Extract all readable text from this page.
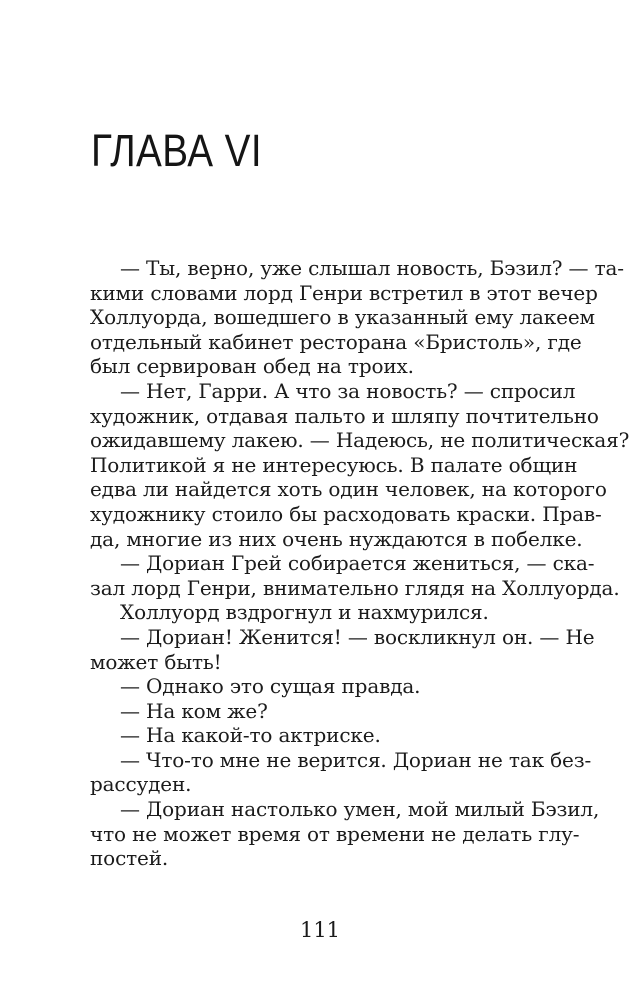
ГЛАВА VI
— Ты, верно, уже слышал новость, Бэзил? — та-
кими словами лорд Генри встретил в этот вечер
Холлуорда, вошедшего в указанный ему лакеем
отдельный кабинет ресторана «Бристоль», где
был сервирован обед на троих.
— Нет, Гарри. А что за новость? — спросил
художник, отдавая пальто и шляпу почтительно
ожидавшему лакею. — Надеюсь, не политическая?
Политикой я не интересуюсь. В палате общин
едва ли найдется хоть один человек, на которого
художнику стоило бы расходовать краски. Прав-
да, многие из них очень нуждаются в побелке.
— Дориан Грей собирается жениться, — ска-
зал лорд Генри, внимательно глядя на Холлуорда.
Холлуорд вздрогнул и нахмурился.
— Дориан! Женится! — воскликнул он. — Не
может быть!
— Однако это сущая правда.
— На ком же?
— На какой-то актриске.
— Что-то мне не верится. Дориан не так без-
рассуден.
— Дориан настолько умен, мой милый Бэзил,
что не может время от времени не делать глу-
постей.
111
